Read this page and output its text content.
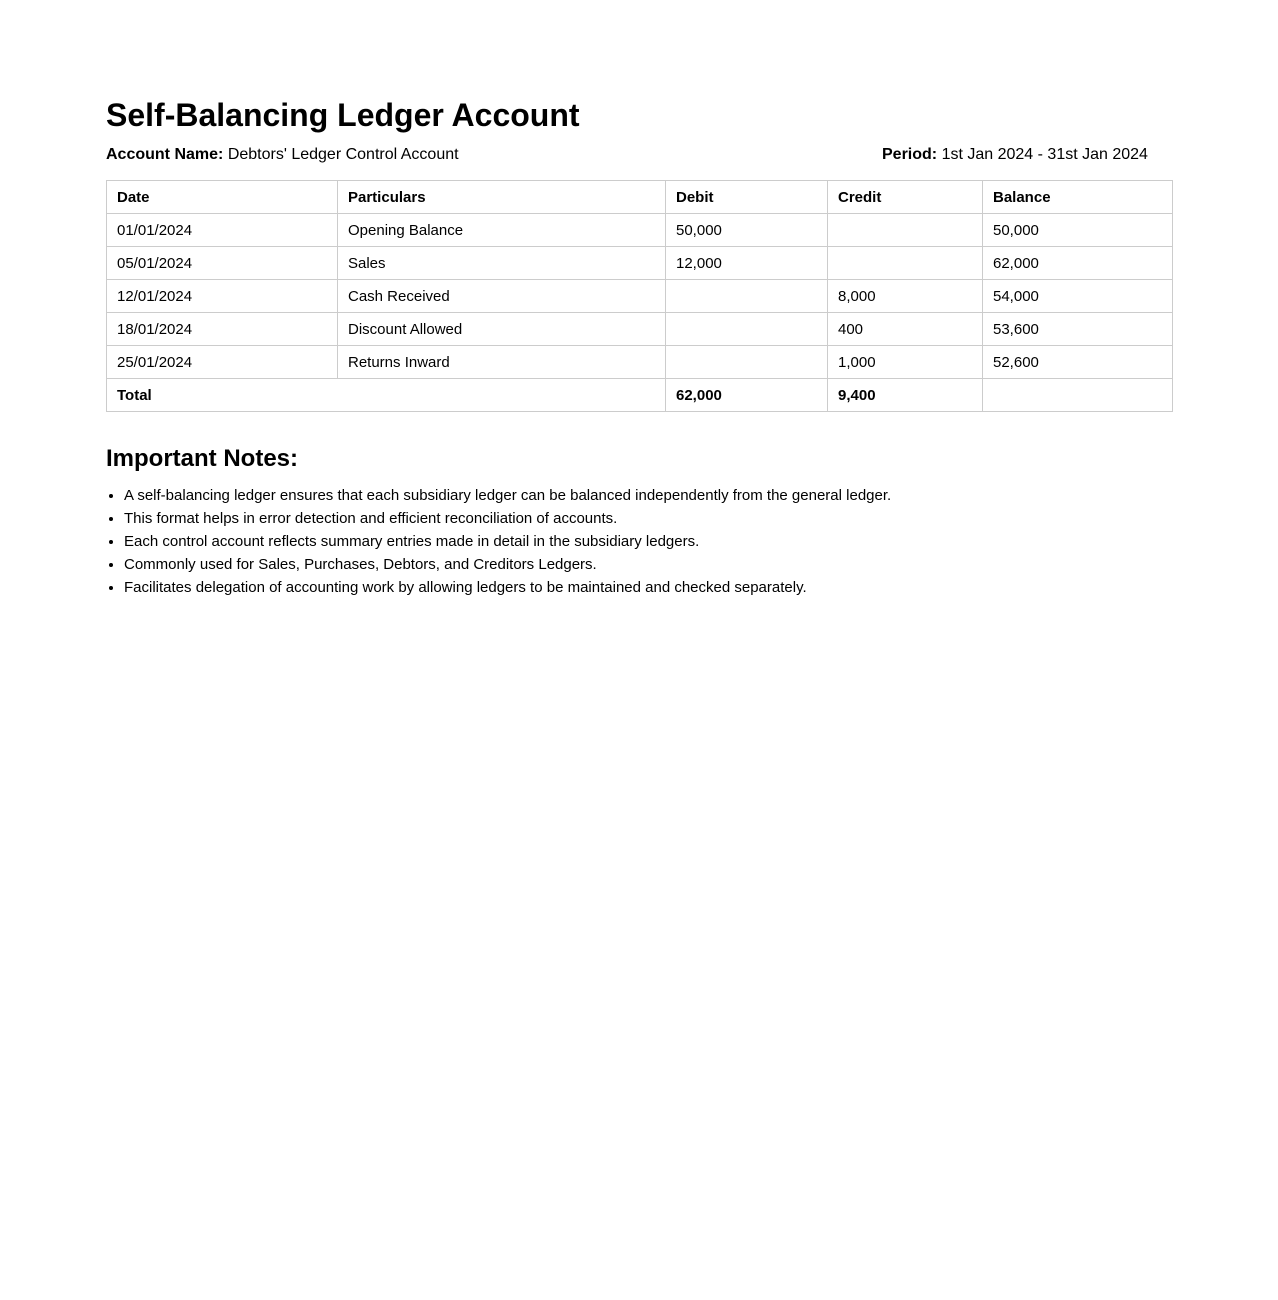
Self-Balancing Ledger Account
Account Name: Debtors' Ledger Control Account	Period: 1st Jan 2024 - 31st Jan 2024
Date	Particulars	Debit	Credit	Balance
01/01/2024	Opening Balance	50,000		50,000
05/01/2024	Sales	12,000		62,000
12/01/2024	Cash Received		8,000	54,000
18/01/2024	Discount Allowed		400	53,600
25/01/2024	Returns Inward		1,000	52,600
Total		62,000	9,400	
Important Notes:
• A self-balancing ledger ensures that each subsidiary ledger can be balanced independently from the general ledger.
• This format helps in error detection and efficient reconciliation of accounts.
• Each control account reflects summary entries made in detail in the subsidiary ledgers.
• Commonly used for Sales, Purchases, Debtors, and Creditors Ledgers.
• Facilitates delegation of accounting work by allowing ledgers to be maintained and checked separately.
